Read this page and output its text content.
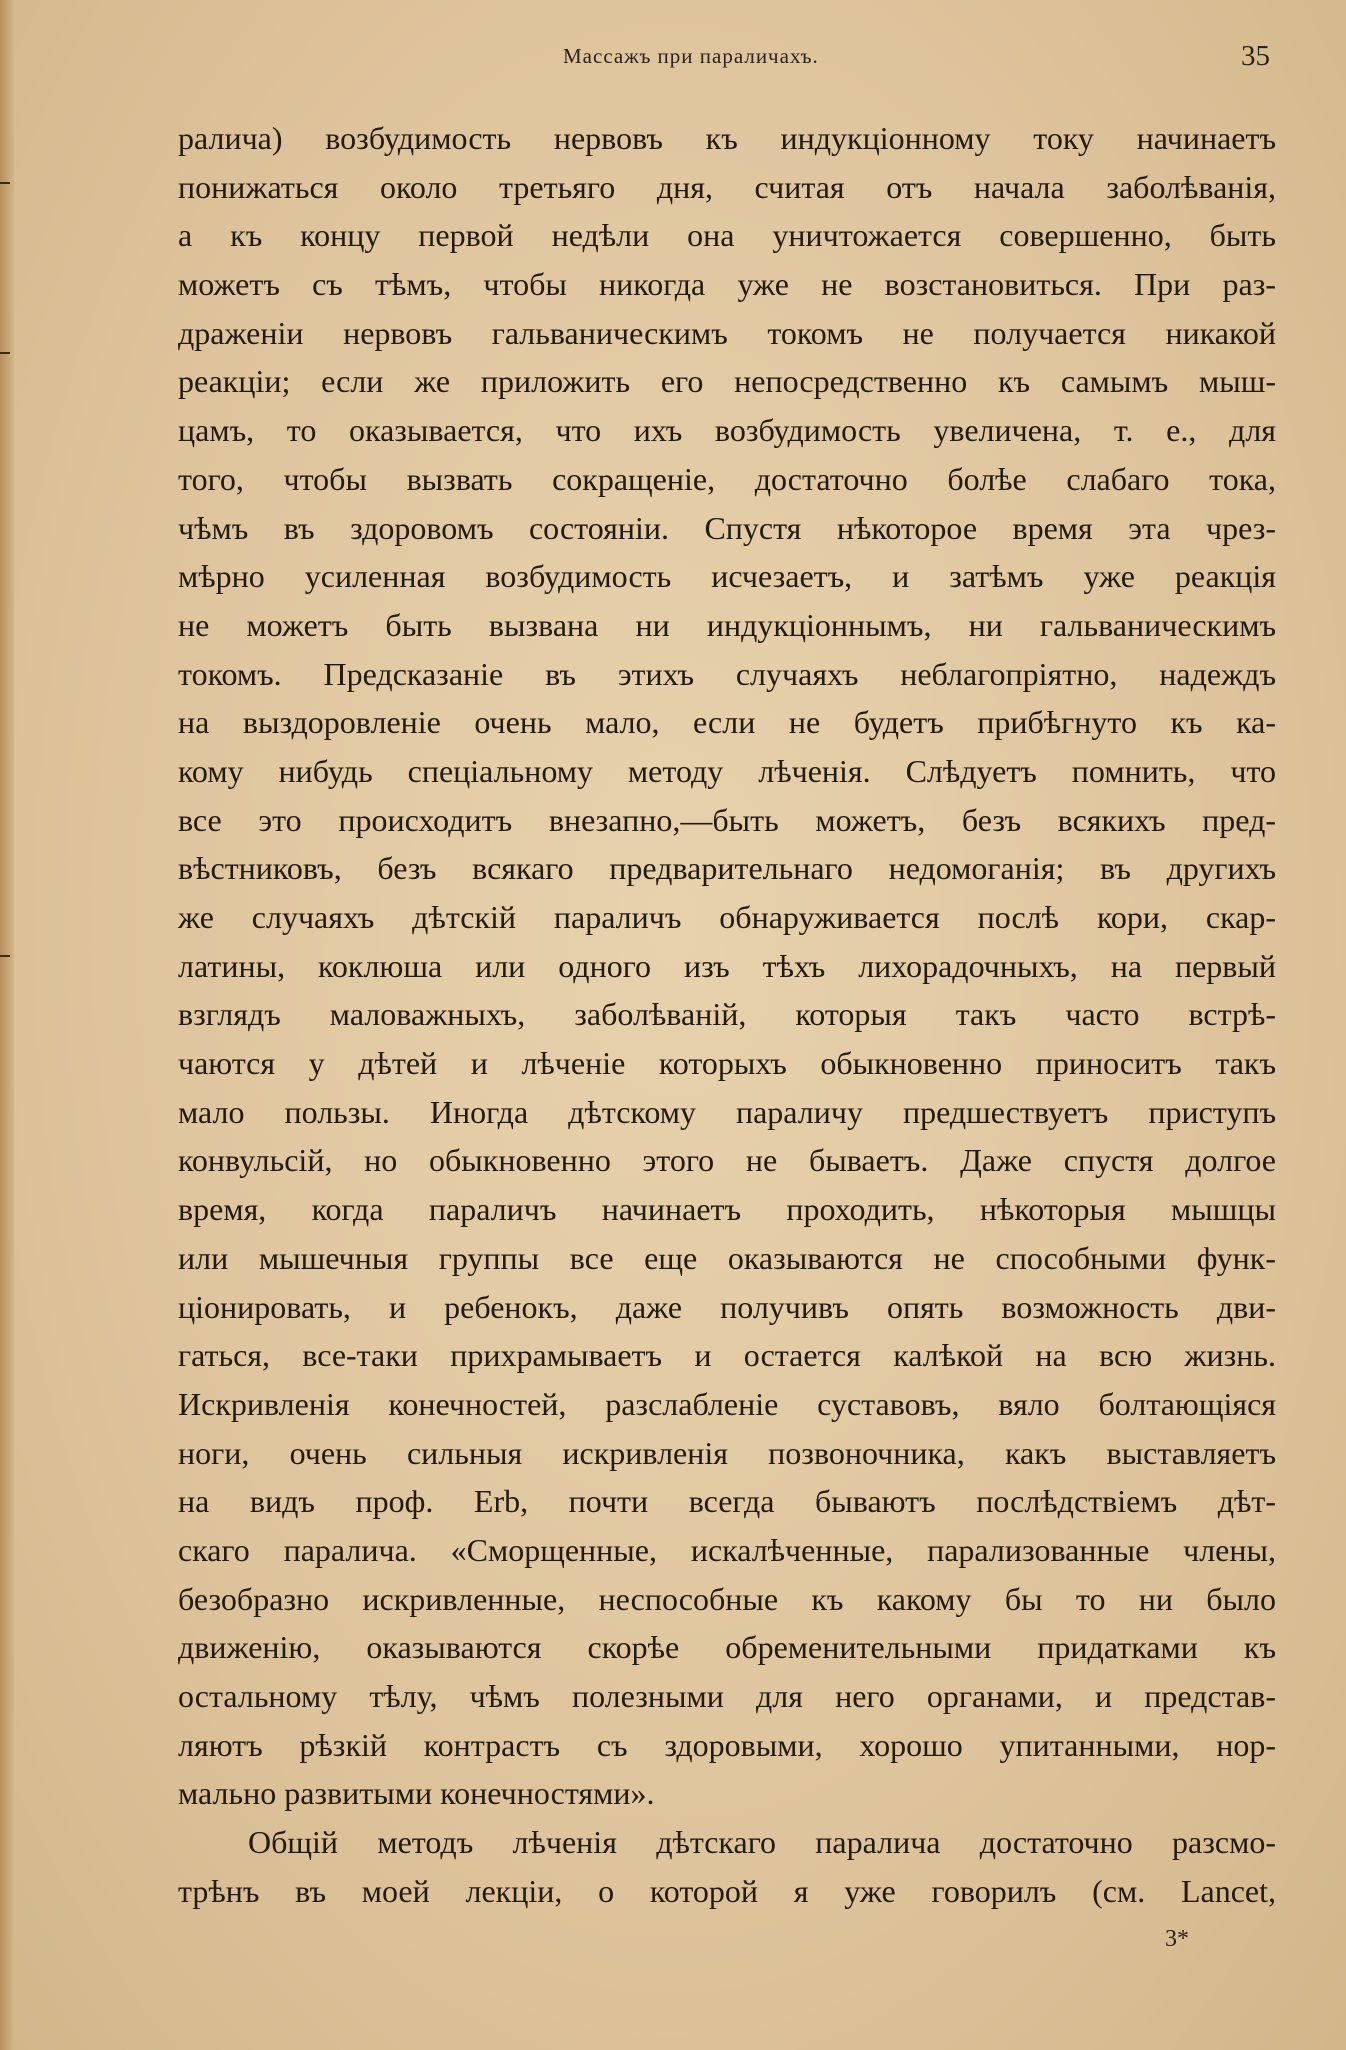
Массажъ при параличахъ.	35
ралича) возбудимость нервовъ къ индукціонному току начинаетъ
понижаться около третьяго дня, считая отъ начала заболѣванія,
а къ концу первой недѣли она уничтожается совершенно, быть
можетъ съ тѣмъ, чтобы никогда уже не возстановиться. При раз-
драженіи нервовъ гальваническимъ токомъ не получается никакой
реакціи; если же приложить его непосредственно къ самымъ мыш-
цамъ, то оказывается, что ихъ возбудимость увеличена, т. е., для
того, чтобы вызвать сокращеніе, достаточно болѣе слабаго тока,
чѣмъ въ здоровомъ состояніи. Спустя нѣкоторое время эта чрез-
мѣрно усиленная возбудимость исчезаетъ, и затѣмъ уже реакція
не можетъ быть вызвана ни индукціоннымъ, ни гальваническимъ
токомъ. Предсказаніе въ этихъ случаяхъ неблагопріятно, надеждъ
на выздоровленіе очень мало, если не будетъ прибѣгнуто къ ка-
кому нибудь спеціальному методу лѣченія. Слѣдуетъ помнить, что
все это происходитъ внезапно,—быть можетъ, безъ всякихъ пред-
вѣстниковъ, безъ всякаго предварительнаго недомоганія; въ другихъ
же случаяхъ дѣтскій параличъ обнаруживается послѣ кори, скар-
латины, коклюша или одного изъ тѣхъ лихорадочныхъ, на первый
взглядъ маловажныхъ, заболѣваній, которыя такъ часто встрѣ-
чаются у дѣтей и лѣченіе которыхъ обыкновенно приноситъ такъ
мало пользы. Иногда дѣтскому параличу предшествуетъ приступъ
конвульсій, но обыкновенно этого не бываетъ. Даже спустя долгое
время, когда параличъ начинаетъ проходить, нѣкоторыя мышцы
или мышечныя группы все еще оказываются не способными функ-
ціонировать, и ребенокъ, даже получивъ опять возможность дви-
гаться, все-таки прихрамываетъ и остается калѣкой на всю жизнь.
Искривленія конечностей, разслабленіе суставовъ, вяло болтающіяся
ноги, очень сильныя искривленія позвоночника, какъ выставляетъ
на видъ проф. Erb, почти всегда бываютъ послѣдствіемъ дѣт-
скаго паралича. «Сморщенные, искалѣченные, парализованные члены,
безобразно искривленные, неспособные къ какому бы то ни было
движенію, оказываются скорѣе обременительными придатками къ
остальному тѣлу, чѣмъ полезными для него органами, и представ-
ляютъ рѣзкій контрастъ съ здоровыми, хорошо упитанными, нор-
мально развитыми конечностями».
Общій методъ лѣченія дѣтскаго паралича достаточно разсмо-
трѣнъ въ моей лекціи, о которой я уже говорилъ (см. Lancet,
3*
